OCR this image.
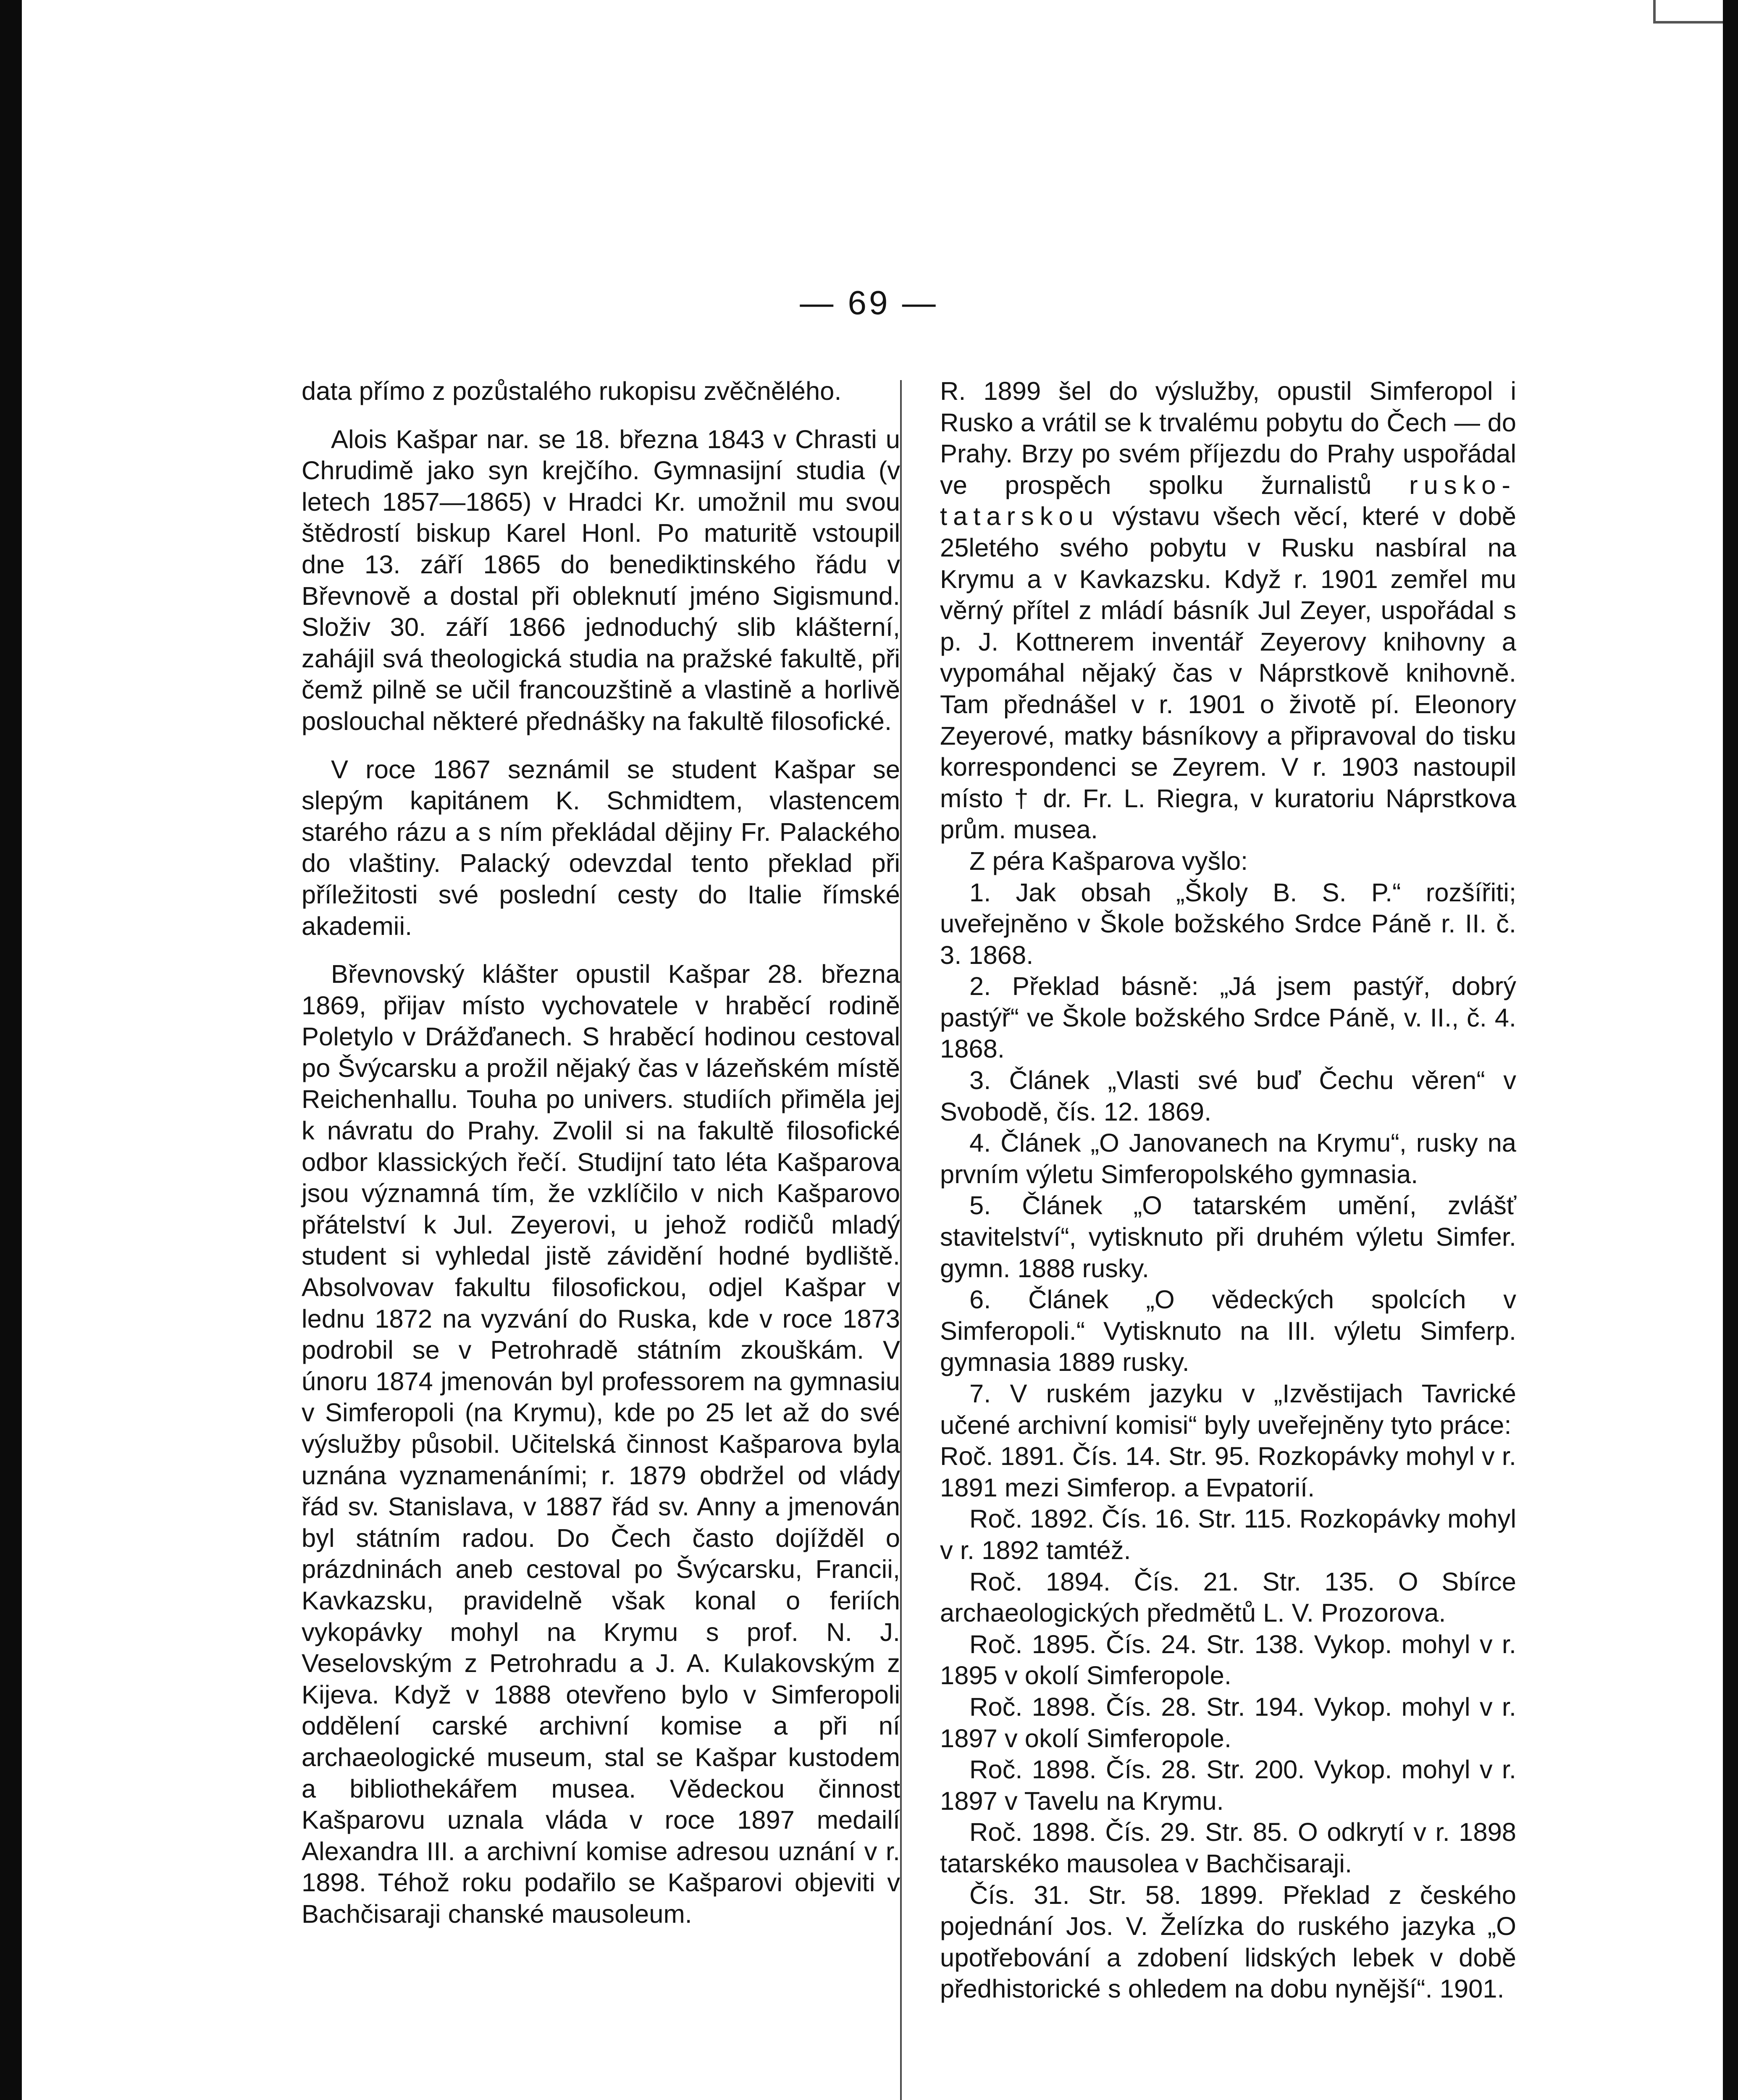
— 69 —

data přímo z pozůstalého rukopisu zvěčnělého.

Alois Kašpar nar. se 18. března 1843 v Chrasti u Chrudimě jako syn krejčího. Gymnasijní studia (v letech 1857—1865) v Hradci Kr. umožnil mu svou štědrostí biskup Karel Honl. Po maturitě vstoupil dne 13. září 1865 do benediktinského řádu v Břevnově a dostal při obleknutí jméno Sigismund. Složiv 30. září 1866 jednoduchý slib klášterní, zahájil svá theologická studia na pražské fakultě, při čemž pilně se učil francouzštině a vlastině a horlivě poslouchal některé přednášky na fakultě filosofické.

V roce 1867 seznámil se student Kašpar se slepým kapitánem K. Schmidtem, vlastencem starého rázu a s ním překládal dějiny Fr. Palackého do vlaštiny. Palacký odevzdal tento překlad při příležitosti své poslední cesty do Italie římské akademii.

Břevnovský klášter opustil Kašpar 28. března 1869, přijav místo vychovatele v hraběcí rodině Poletylo v Drážďanech. S hraběcí hodinou cestoval po Švýcarsku a prožil nějaký čas v lázeňském místě Reichenhallu. Touha po univers. studiích přiměla jej k návratu do Prahy. Zvolil si na fakultě filosofické odbor klassických řečí. Studijní tato léta Kašparova jsou významná tím, že vzklíčilo v nich Kašparovo přátelství k Jul. Zeyerovi, u jehož rodičů mladý student si vyhledal jistě závidění hodné bydliště. Absolvovav fakultu filosofickou, odjel Kašpar v lednu 1872 na vyzvání do Ruska, kde v roce 1873 podrobil se v Petrohradě státním zkouškám. V únoru 1874 jmenován byl professorem na gymnasiu v Simferopoli (na Krymu), kde po 25 let až do své výslužby působil. Učitelská činnost Kašparova byla uznána vyznamenáními; r. 1879 obdržel od vlády řád sv. Stanislava, v 1887 řád sv. Anny a jmenován byl státním radou. Do Čech často dojížděl o prázdninách aneb cestoval po Švýcarsku, Francii, Kavkazsku, pravidelně však konal o feriích vykopávky mohyl na Krymu s prof. N. J. Veselovským z Petrohradu a J. A. Kulakovským z Kijeva. Když v 1888 otevřeno bylo v Simferopoli oddělení carské archivní komise a při ní archaeologické museum, stal se Kašpar kustodem a bibliothekářem musea. Vědeckou činnost Kašparovu uznala vláda v roce 1897 medailí Alexandra III. a archivní komise adresou uznání v r. 1898. Téhož roku podařilo se Kašparovi objeviti v Bachčisaraji chanské mausoleum.

R. 1899 šel do výslužby, opustil Simferopol i Rusko a vrátil se k trvalému pobytu do Čech — do Prahy. Brzy po svém příjezdu do Prahy uspořádal ve prospěch spolku žurnalistů rusko-tatarskou výstavu všech věcí, které v době 25letého svého pobytu v Rusku nasbíral na Krymu a v Kavkazsku. Když r. 1901 zemřel mu věrný přítel z mládí básník Jul Zeyer, uspořádal s p. J. Kottnerem inventář Zeyerovy knihovny a vypomáhal nějaký čas v Náprstkově knihovně. Tam přednášel v r. 1901 o životě pí. Eleonory Zeyerové, matky básníkovy a připravoval do tisku korrespondenci se Zeyrem. V r. 1903 nastoupil místo † dr. Fr. L. Riegra, v kuratoriu Náprstkova prům. musea.

Z péra Kašparova vyšlo:

1. Jak obsah „Školy B. S. P.“ rozšířiti; uveřejněno v Škole božského Srdce Páně r. II. č. 3. 1868.

2. Překlad básně: „Já jsem pastýř, dobrý pastýř“ ve Škole božského Srdce Páně, v. II., č. 4. 1868.

3. Článek „Vlasti své buď Čechu věren“ v Svobodě, čís. 12. 1869.

4. Článek „O Janovanech na Krymu“, rusky na prvním výletu Simferopolského gymnasia.

5. Článek „O tatarském umění, zvlášť stavitelství“, vytisknuto při druhém výletu Simfer. gymn. 1888 rusky.

6. Článek „O vědeckých spolcích v Simferopoli.“ Vytisknuto na III. výletu Simferp. gymnasia 1889 rusky.

7. V ruském jazyku v „Izvěstijach Tavrické učené archivní komisi“ byly uveřejněny tyto práce:

Roč. 1891. Čís. 14. Str. 95. Rozkopávky mohyl v r. 1891 mezi Simferop. a Evpatorií.

Roč. 1892. Čís. 16. Str. 115. Rozkopávky mohyl v r. 1892 tamtéž.

Roč. 1894. Čís. 21. Str. 135. O Sbírce archaeologických předmětů L. V. Prozorova.

Roč. 1895. Čís. 24. Str. 138. Vykop. mohyl v r. 1895 v okolí Simferopole.

Roč. 1898. Čís. 28. Str. 194. Vykop. mohyl v r. 1897 v okolí Simferopole.

Roč. 1898. Čís. 28. Str. 200. Vykop. mohyl v r. 1897 v Tavelu na Krymu.

Roč. 1898. Čís. 29. Str. 85. O odkrytí v r. 1898 tatarskéko mausolea v Bachčisaraji.

Čís. 31. Str. 58. 1899. Překlad z českého pojednání Jos. V. Želízka do ruského jazyka „O upotřebování a zdobení lidských lebek v době předhistorické s ohledem na dobu nynější“. 1901.
